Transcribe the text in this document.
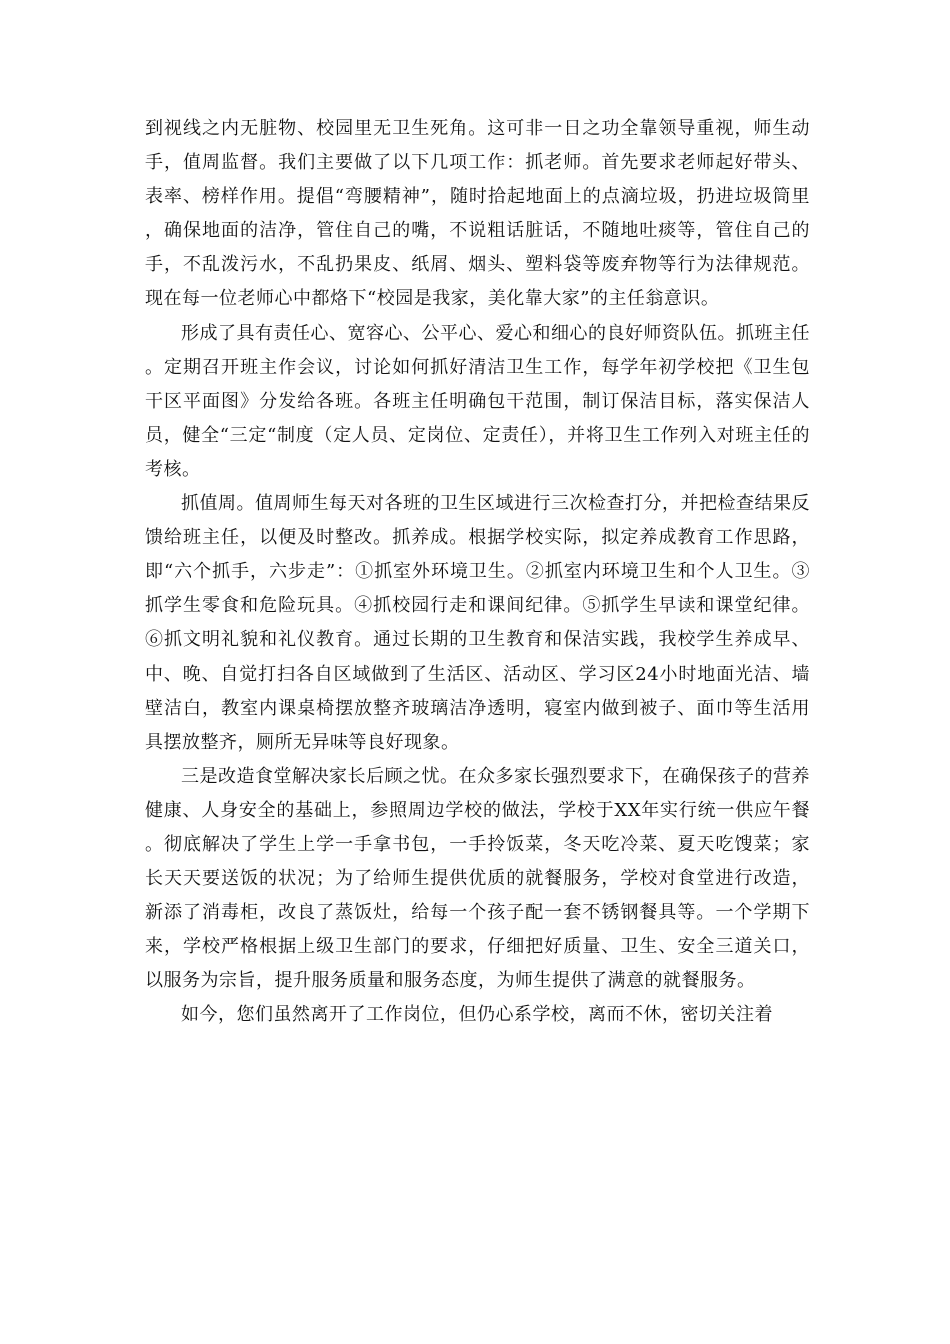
到视线之内无脏物、校园里无卫生死角。这可非一日之功全靠领导重视，师生动手，值周监督。我们主要做了以下几项工作：抓老师。首先要求老师起好带头、表率、榜样作用。提倡“弯腰精神”，随时拾起地面上的点滴垃圾，扔进垃圾筒里，确保地面的洁净，管住自己的嘴，不说粗话脏话，不随地吐痰等，管住自己的手，不乱泼污水，不乱扔果皮、纸屑、烟头、塑料袋等废弃物等行为法律规范。现在每一位老师心中都烙下“校园是我家，美化靠大家”的主任翁意识。

形成了具有责任心、宽容心、公平心、爱心和细心的良好师资队伍。抓班主任。定期召开班主作会议，讨论如何抓好清洁卫生工作，每学年初学校把《卫生包干区平面图》分发给各班。各班主任明确包干范围，制订保洁目标，落实保洁人员，健全“三定“制度（定人员、定岗位、定责任），并将卫生工作列入对班主任的考核。

抓值周。值周师生每天对各班的卫生区域进行三次检查打分，并把检查结果反馈给班主任，以便及时整改。抓养成。根据学校实际，拟定养成教育工作思路，即“六个抓手，六步走”：①抓室外环境卫生。②抓室内环境卫生和个人卫生。③抓学生零食和危险玩具。④抓校园行走和课间纪律。⑤抓学生早读和课堂纪律。⑥抓文明礼貌和礼仪教育。通过长期的卫生教育和保洁实践，我校学生养成早、中、晚、自觉打扫各自区域做到了生活区、活动区、学习区24小时地面光洁、墙壁洁白，教室内课桌椅摆放整齐玻璃洁净透明，寝室内做到被子、面巾等生活用具摆放整齐，厕所无异味等良好现象。

三是改造食堂解决家长后顾之忧。在众多家长强烈要求下，在确保孩子的营养健康、人身安全的基础上，参照周边学校的做法，学校于XX年实行统一供应午餐。彻底解决了学生上学一手拿书包，一手拎饭菜，冬天吃冷菜、夏天吃馊菜；家长天天要送饭的状况；为了给师生提供优质的就餐服务，学校对食堂进行改造，新添了消毒柜，改良了蒸饭灶，给每一个孩子配一套不锈钢餐具等。一个学期下来，学校严格根据上级卫生部门的要求，仔细把好质量、卫生、安全三道关口，以服务为宗旨，提升服务质量和服务态度，为师生提供了满意的就餐服务。

如今，您们虽然离开了工作岗位，但仍心系学校，离而不休，密切关注着
